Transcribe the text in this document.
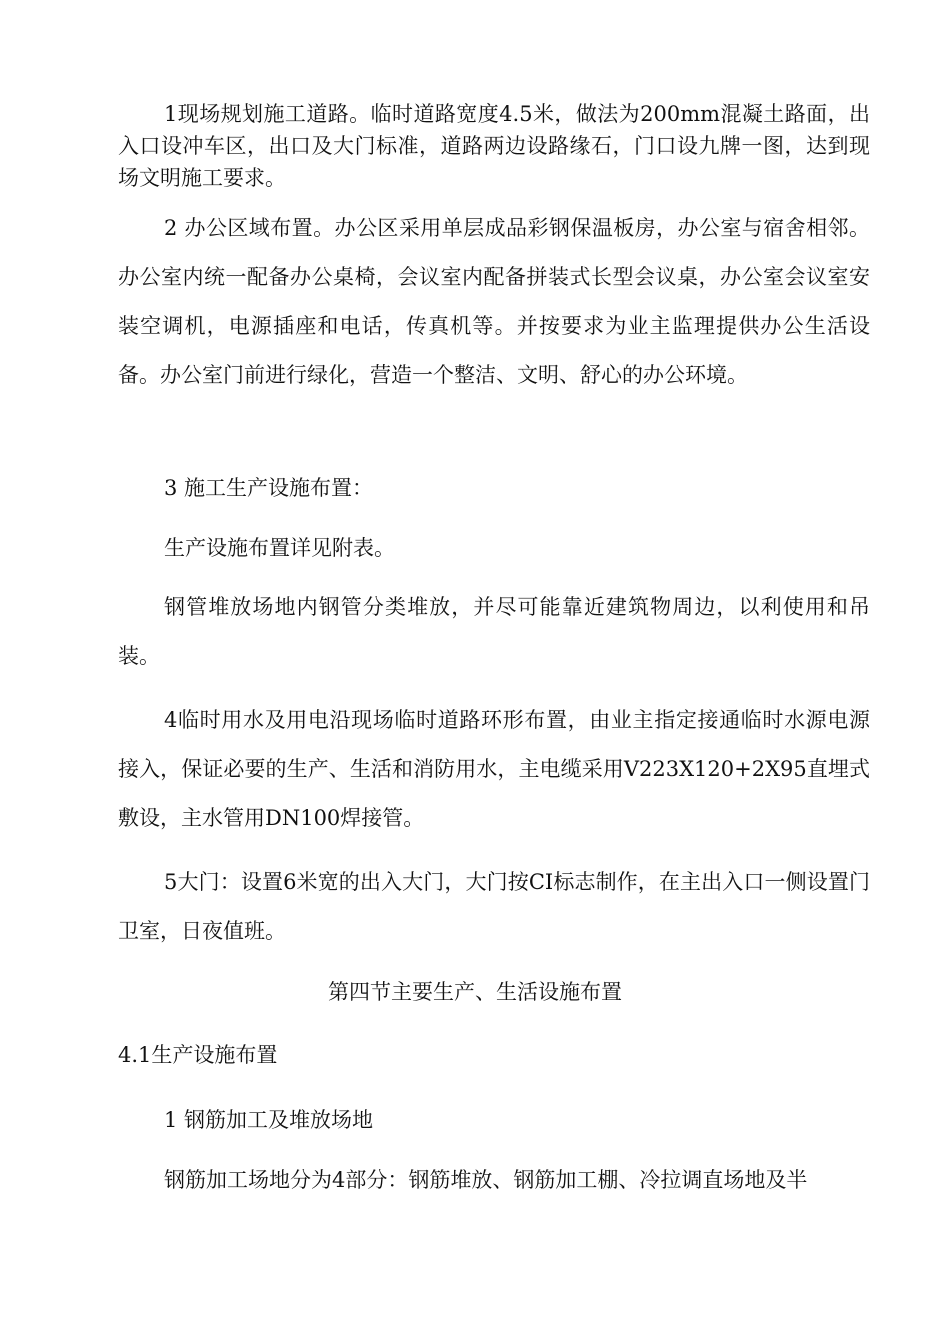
1现场规划施工道路。临时道路宽度4.5米，做法为200mm混凝土路面，出入口设冲车区，出口及大门标准，道路两边设路缘石，门口设九牌一图，达到现场文明施工要求。

2 办公区域布置。办公区采用单层成品彩钢保温板房，办公室与宿舍相邻。办公室内统一配备办公桌椅，会议室内配备拼装式长型会议桌，办公室会议室安装空调机，电源插座和电话，传真机等。并按要求为业主监理提供办公生活设备。办公室门前进行绿化，营造一个整洁、文明、舒心的办公环境。

3 施工生产设施布置：

生产设施布置详见附表。

钢管堆放场地内钢管分类堆放，并尽可能靠近建筑物周边，以利使用和吊装。

4临时用水及用电沿现场临时道路环形布置，由业主指定接通临时水源电源接入，保证必要的生产、生活和消防用水，主电缆采用V223X120+2X95直埋式敷设，主水管用DN100焊接管。

5大门：设置6米宽的出入大门，大门按CI标志制作，在主出入口一侧设置门卫室，日夜值班。

第四节主要生产、生活设施布置
4.1生产设施布置

1 钢筋加工及堆放场地

钢筋加工场地分为4部分：钢筋堆放、钢筋加工棚、冷拉调直场地及半
